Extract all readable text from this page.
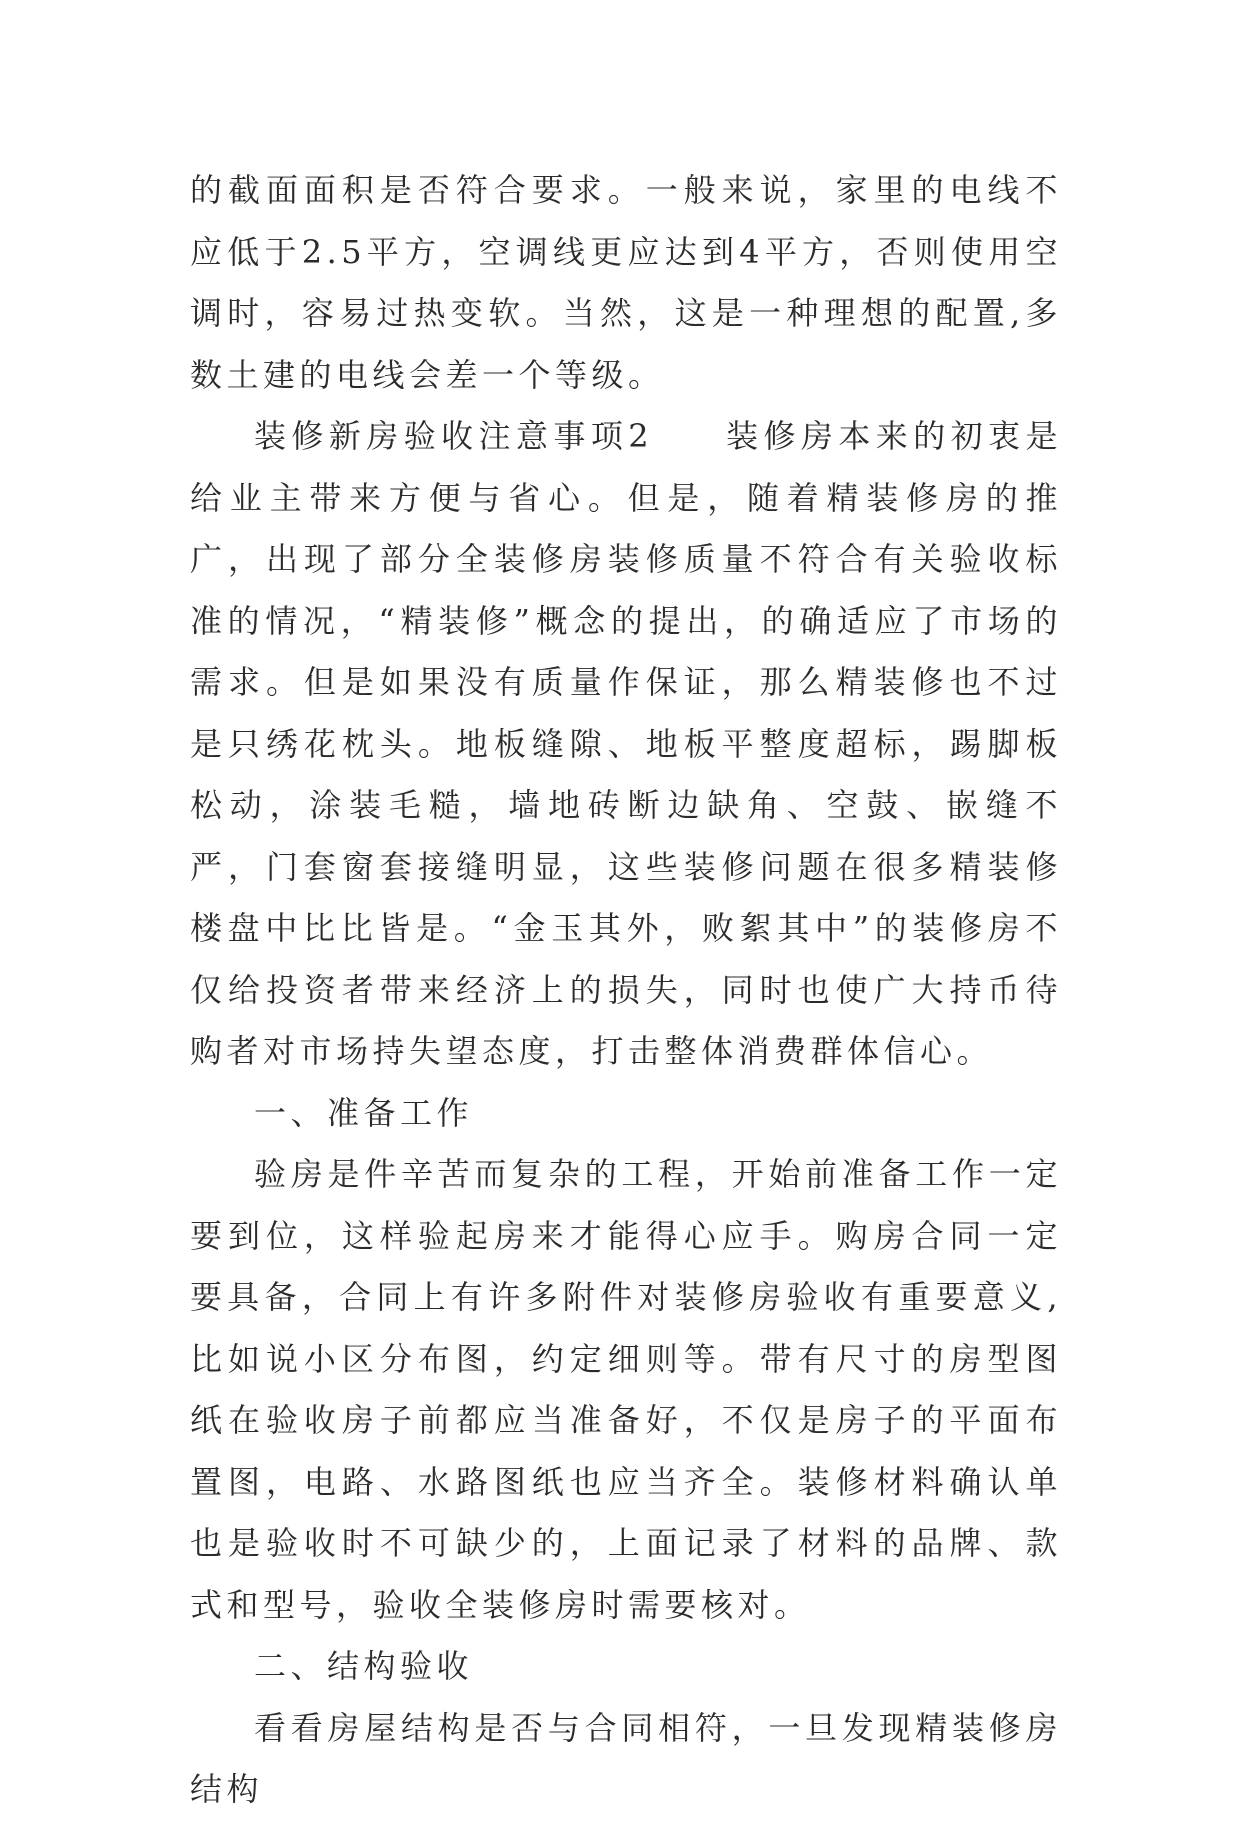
的截面面积是否符合要求。一般来说，家里的电线不应低于2.5平方，空调线更应达到4平方，否则使用空调时，容易过热变软。当然，这是一种理想的配置,多数土建的电线会差一个等级。

装修新房验收注意事项2 装修房本来的初衷是给业主带来方便与省心。但是，随着精装修房的推广，出现了部分全装修房装修质量不符合有关验收标准的情况，“精装修”概念的提出，的确适应了市场的需求。但是如果没有质量作保证，那么精装修也不过是只绣花枕头。地板缝隙、地板平整度超标，踢脚板松动，涂装毛糙，墙地砖断边缺角、空鼓、嵌缝不严，门套窗套接缝明显，这些装修问题在很多精装修楼盘中比比皆是。“金玉其外，败絮其中”的装修房不仅给投资者带来经济上的损失，同时也使广大持币待购者对市场持失望态度，打击整体消费群体信心。

一、准备工作

验房是件辛苦而复杂的工程，开始前准备工作一定要到位，这样验起房来才能得心应手。购房合同一定要具备，合同上有许多附件对装修房验收有重要意义,比如说小区分布图，约定细则等。带有尺寸的房型图纸在验收房子前都应当准备好，不仅是房子的平面布置图，电路、水路图纸也应当齐全。装修材料确认单也是验收时不可缺少的，上面记录了材料的品牌、款式和型号，验收全装修房时需要核对。

二、结构验收

看看房屋结构是否与合同相符，一旦发现精装修房结构
